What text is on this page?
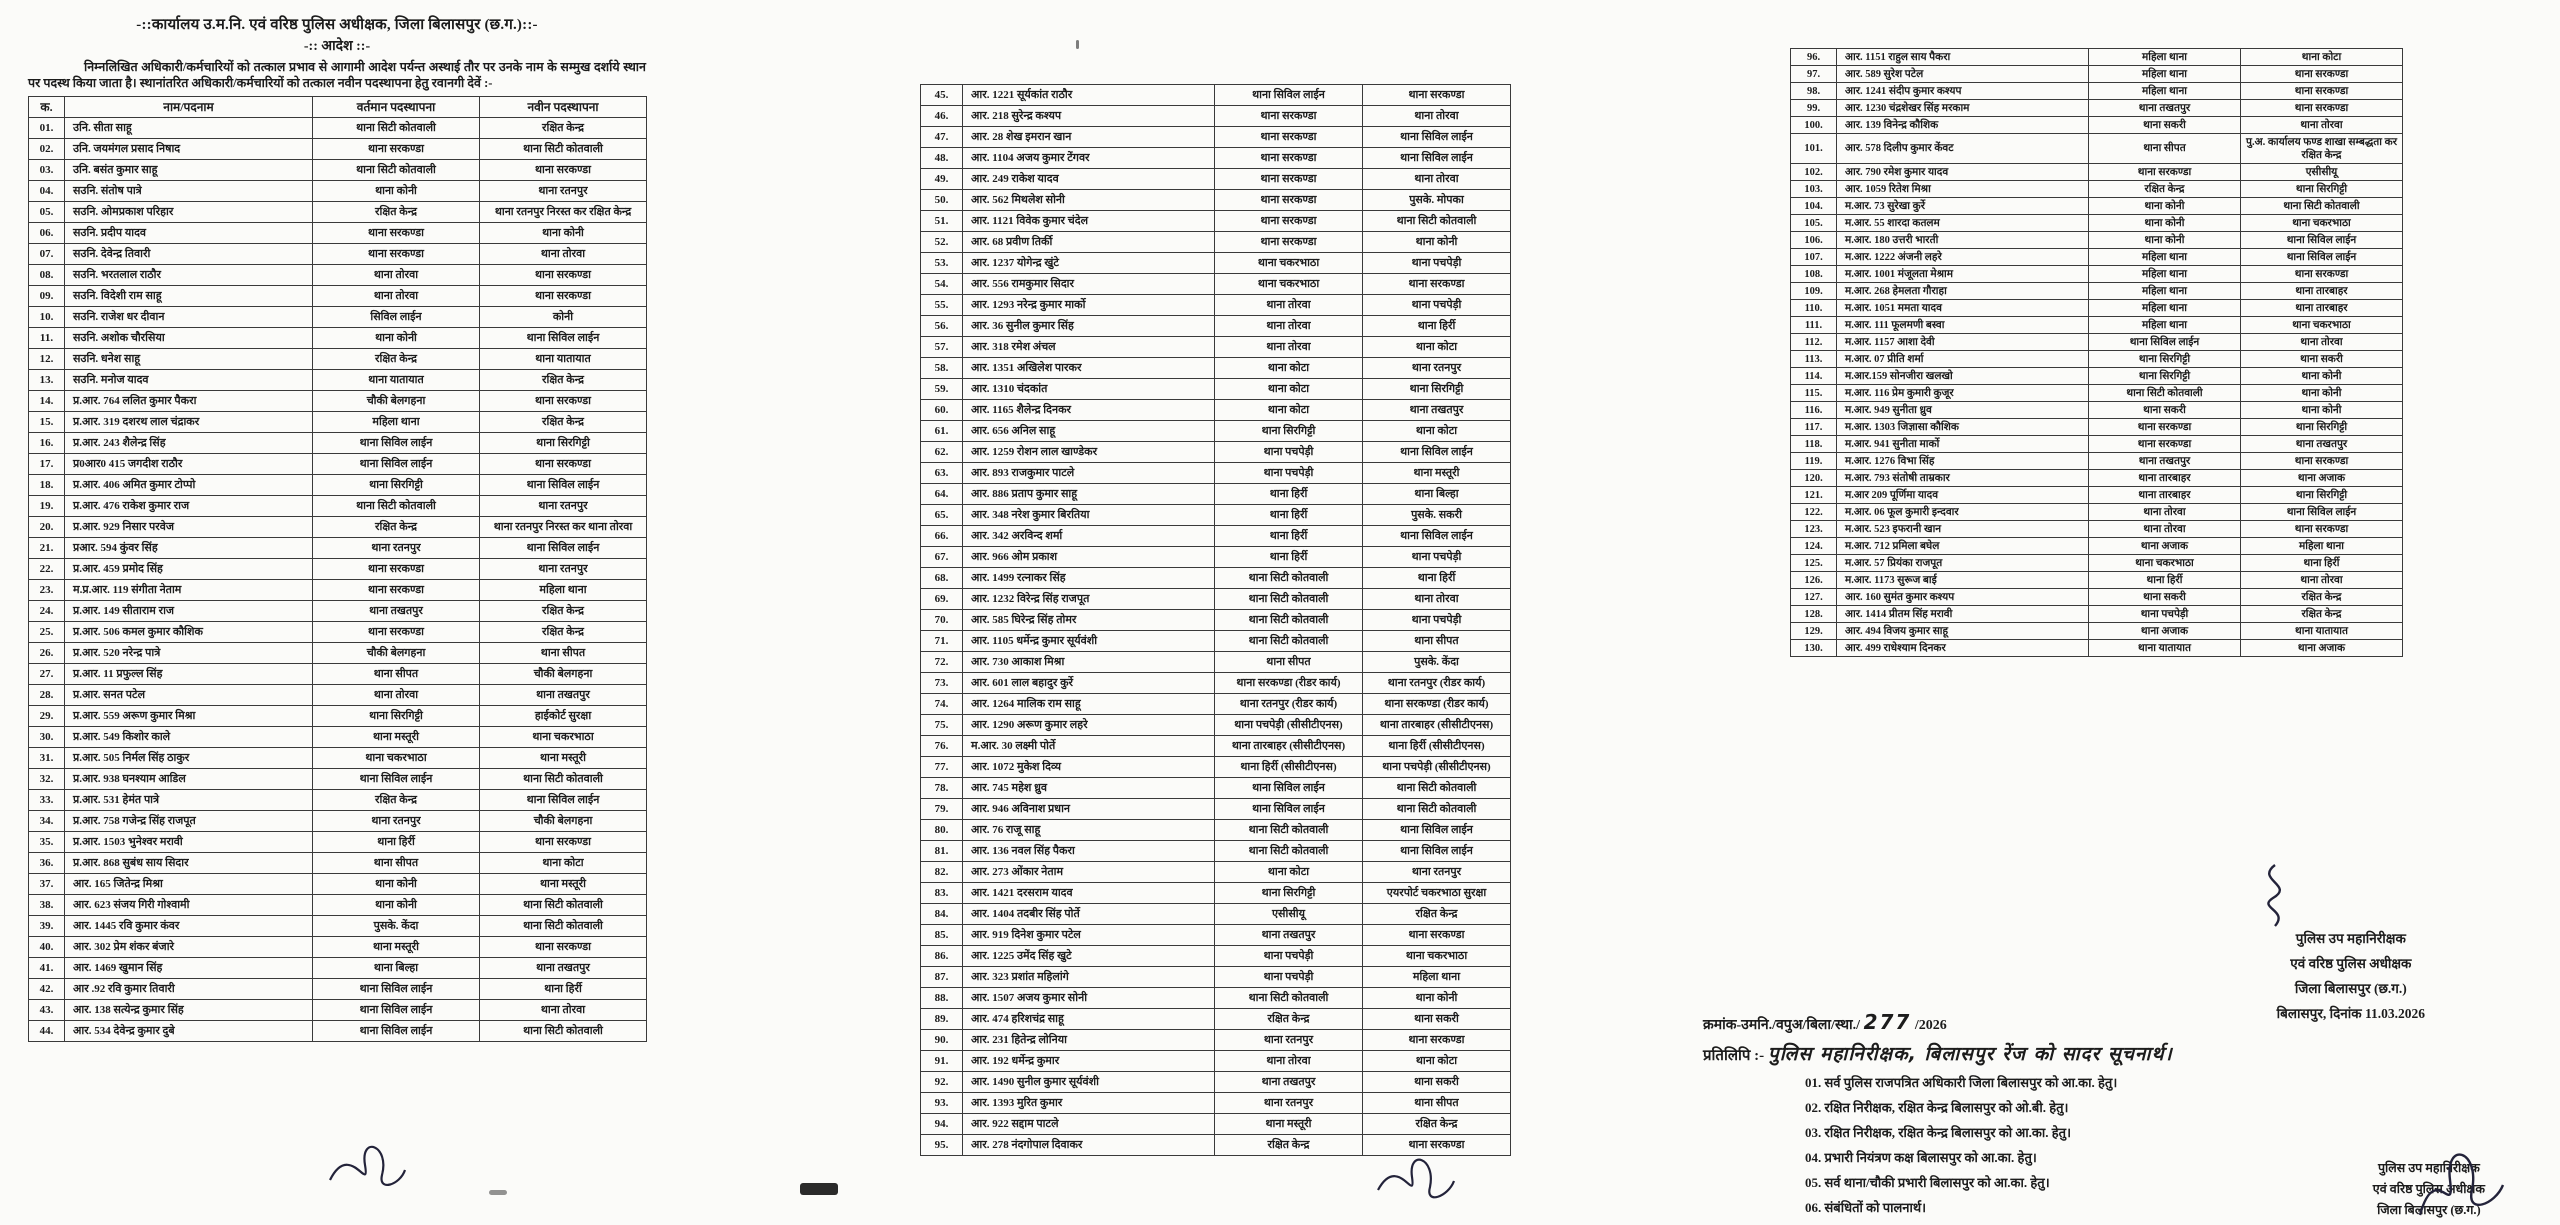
-::कार्यालय उ.म.नि. एवं वरिष्ठ पुलिस अधीक्षक, जिला बिलासपुर (छ.ग.)::-
-:: आदेश ::-
निम्नलिखित अधिकारी/कर्मचारियों को तत्काल प्रभाव से आगामी आदेश पर्यन्त अस्थाई तौर पर उनके नाम के सम्मुख दर्शाये स्थान पर पदस्थ किया जाता है। स्थानांतरित अधिकारी/कर्मचारियों को तत्काल नवीन पदस्थापना हेतु रवानगी देवें :-
क.	नाम/पदनाम	वर्तमान पदस्थापना	नवीन पदस्थापना
01.	उनि. सीता साहू	थाना सिटी कोतवाली	रक्षित केन्द्र
02.	उनि. जयमंगल प्रसाद निषाद	थाना सरकण्डा	थाना सिटी कोतवाली
03.	उनि. बसंत कुमार साहू	थाना सिटी कोतवाली	थाना सरकण्डा
04.	सउनि. संतोष पात्रे	थाना कोनी	थाना रतनपुर
05.	सउनि. ओमप्रकाश परिहार	रक्षित केन्द्र	थाना रतनपुर निरस्त कर रक्षित केन्द्र
06.	सउनि. प्रदीप यादव	थाना सरकण्डा	थाना कोनी
07.	सउनि. देवेन्द्र तिवारी	थाना सरकण्डा	थाना तोरवा
08.	सउनि. भरतलाल राठौर	थाना तोरवा	थाना सरकण्डा
09.	सउनि. विदेशी राम साहू	थाना तोरवा	थाना सरकण्डा
10.	सउनि. राजेश धर दीवान	सिविल लाईन	कोनी
11.	सउनि. अशोक चौरसिया	थाना कोनी	थाना सिविल लाईन
12.	सउनि. धनेश साहू	रक्षित केन्द्र	थाना यातायात
13.	सउनि. मनोज यादव	थाना यातायात	रक्षित केन्द्र
14.	प्र.आर. 764 ललित कुमार पैकरा	चौकी बेलगहना	थाना सरकण्डा
15.	प्र.आर. 319 दशरथ लाल चंद्राकर	महिला थाना	रक्षित केन्द्र
16.	प्र.आर. 243 शैलेन्द्र सिंह	थाना सिविल लाईन	थाना सिरगिट्टी
17.	प्र0आर0 415 जगदीश राठौर	थाना सिविल लाईन	थाना सरकण्डा
18.	प्र.आर. 406 अमित कुमार टोप्पो	थाना सिरगिट्टी	थाना सिविल लाईन
19.	प्र.आर. 476 राकेश कुमार राज	थाना सिटी कोतवाली	थाना रतनपुर
20.	प्र.आर. 929 निसार परवेज	रक्षित केन्द्र	थाना रतनपुर निरस्त कर थाना तोरवा
21.	प्रआर. 594 कुंवर सिंह	थाना रतनपुर	थाना सिविल लाईन
22.	प्र.आर. 459 प्रमोद सिंह	थाना सरकण्डा	थाना रतनपुर
23.	म.प्र.आर. 119 संगीता नेताम	थाना सरकण्डा	महिला थाना
24.	प्र.आर. 149 सीताराम राज	थाना तखतपुर	रक्षित केन्द्र
25.	प्र.आर. 506 कमल कुमार कौशिक	थाना सरकण्डा	रक्षित केन्द्र
26.	प्र.आर. 520 नरेन्द्र पात्रे	चौकी बेलगहना	थाना सीपत
27.	प्र.आर. 11 प्रफुल्ल सिंह	थाना सीपत	चौकी बेलगहना
28.	प्र.आर. सनत पटेल	थाना तोरवा	थाना तखतपुर
29.	प्र.आर. 559 अरूण कुमार मिश्रा	थाना सिरगिट्टी	हाईकोर्ट सुरक्षा
30.	प्र.आर. 549 किशोर काले	थाना मस्तूरी	थाना चकरभाठा
31.	प्र.आर. 505 निर्मल सिंह ठाकुर	थाना चकरभाठा	थाना मस्तूरी
32.	प्र.आर. 938 घनश्याम आडिल	थाना सिविल लाईन	थाना सिटी कोतवाली
33.	प्र.आर. 531 हेमंत पात्रे	रक्षित केन्द्र	थाना सिविल लाईन
34.	प्र.आर. 758 गजेन्द्र सिंह राजपूत	थाना रतनपुर	चौकी बेलगहना
35.	प्र.आर. 1503 भुनेश्वर मरावी	थाना हिर्री	थाना सरकण्डा
36.	प्र.आर. 868 सुबंध साय सिदार	थाना सीपत	थाना कोटा
37.	आर. 165 जितेन्द्र मिश्रा	थाना कोनी	थाना मस्तूरी
38.	आर. 623 संजय गिरी गोश्वामी	थाना कोनी	थाना सिटी कोतवाली
39.	आर. 1445 रवि कुमार कंवर	पुसके. केंदा	थाना सिटी कोतवाली
40.	आर. 302 प्रेम शंकर बंजारे	थाना मस्तूरी	थाना सरकण्डा
41.	आर. 1469 खुमान सिंह	थाना बिल्हा	थाना तखतपुर
42.	आर .92 रवि कुमार तिवारी	थाना सिविल लाईन	थाना हिर्री
43.	आर. 138 सत्येन्द्र कुमार सिंह	थाना सिविल लाईन	थाना तोरवा
44.	आर. 534 देवेन्द्र कुमार दुबे	थाना सिविल लाईन	थाना सिटी कोतवाली
45.	आर. 1221 सूर्यकांत राठौर	थाना सिविल लाईन	थाना सरकण्डा
46.	आर. 218 सुरेन्द्र कश्यप	थाना सरकण्डा	थाना तोरवा
47.	आर. 28 शेख इमरान खान	थाना सरकण्डा	थाना सिविल लाईन
48.	आर. 1104 अजय कुमार टेंगवर	थाना सरकण्डा	थाना सिविल लाईन
49.	आर. 249 राकेश यादव	थाना सरकण्डा	थाना तोरवा
50.	आर. 562 मिथलेश सोनी	थाना सरकण्डा	पुसके. मोपका
51.	आर. 1121 विवेक कुमार चंदेल	थाना सरकण्डा	थाना सिटी कोतवाली
52.	आर. 68 प्रवीण तिर्की	थाना सरकण्डा	थाना कोनी
53.	आर. 1237 योगेन्द्र खुंटे	थाना चकरभाठा	थाना पचपेड़ी
54.	आर. 556 रामकुमार सिदार	थाना चकरभाठा	थाना सरकण्डा
55.	आर. 1293 नरेन्द्र कुमार मार्को	थाना तोरवा	थाना पचपेड़ी
56.	आर. 36 सुनील कुमार सिंह	थाना तोरवा	थाना हिर्री
57.	आर. 318 रमेश अंचल	थाना तोरवा	थाना कोटा
58.	आर. 1351 अखिलेश पारकर	थाना कोटा	थाना रतनपुर
59.	आर. 1310 चंदकांत	थाना कोटा	थाना सिरगिट्टी
60.	आर. 1165 शैलेन्द्र दिनकर	थाना कोटा	थाना तखतपुर
61.	आर. 656 अनिल साहू	थाना सिरगिट्टी	थाना कोटा
62.	आर. 1259 रोशन लाल खाण्डेकर	थाना पचपेड़ी	थाना सिविल लाईन
63.	आर. 893 राजकुमार पाटले	थाना पचपेड़ी	थाना मस्तूरी
64.	आर. 886 प्रताप कुमार साहू	थाना हिर्री	थाना बिल्हा
65.	आर. 348 नरेश कुमार बिरतिया	थाना हिर्री	पुसके. सकरी
66.	आर. 342 अरविन्द शर्मा	थाना हिर्री	थाना सिविल लाईन
67.	आर. 966 ओम प्रकाश	थाना हिर्री	थाना पचपेड़ी
68.	आर. 1499 रत्नाकर सिंह	थाना सिटी कोतवाली	थाना हिर्री
69.	आर. 1232 विरेन्द्र सिंह राजपूत	थाना सिटी कोतवाली	थाना तोरवा
70.	आर. 585 घिरेन्द्र सिंह तोमर	थाना सिटी कोतवाली	थाना पचपेड़ी
71.	आर. 1105 धर्मेन्द्र कुमार सूर्यवंशी	थाना सिटी कोतवाली	थाना सीपत
72.	आर. 730 आकाश मिश्रा	थाना सीपत	पुसके. केंदा
73.	आर. 601 लाल बहादुर कुर्रे	थाना सरकण्डा (रीडर कार्य)	थाना रतनपुर (रीडर कार्य)
74.	आर. 1264 मालिक राम साहू	थाना रतनपुर (रीडर कार्य)	थाना सरकण्डा (रीडर कार्य)
75.	आर. 1290 अरूण कुमार लहरे	थाना पचपेड़ी (सीसीटीएनस)	थाना तारबाहर (सीसीटीएनस)
76.	म.आर. 30 लक्ष्मी पोर्ते	थाना तारबाहर (सीसीटीएनस)	थाना हिर्री (सीसीटीएनस)
77.	आर. 1072 मुकेश दिव्य	थाना हिर्री (सीसीटीएनस)	थाना पचपेड़ी (सीसीटीएनस)
78.	आर. 745 महेश ध्रुव	थाना सिविल लाईन	थाना सिटी कोतवाली
79.	आर. 946 अविनाश प्रधान	थाना सिविल लाईन	थाना सिटी कोतवाली
80.	आर. 76 राजू साहू	थाना सिटी कोतवाली	थाना सिविल लाईन
81.	आर. 136 नवल सिंह पैकरा	थाना सिटी कोतवाली	थाना सिविल लाईन
82.	आर. 273 ओंकार नेताम	थाना कोटा	थाना रतनपुर
83.	आर. 1421 दरसराम यादव	थाना सिरगिट्टी	एयरपोर्ट चकरभाठा सुरक्षा
84.	आर. 1404 तदबीर सिंह पोर्ते	एसीसीयू	रक्षित केन्द्र
85.	आर. 919 दिनेश कुमार पटेल	थाना तखतपुर	थाना सरकण्डा
86.	आर. 1225 उमेंद सिंह खुटे	थाना पचपेड़ी	थाना चकरभाठा
87.	आर. 323 प्रशांत महिलांगे	थाना पचपेड़ी	महिला थाना
88.	आर. 1507 अजय कुमार सोनी	थाना सिटी कोतवाली	थाना कोनी
89.	आर. 474 हरिशचंद्र साहू	रक्षित केन्द्र	थाना सकरी
90.	आर. 231 हितेन्द्र लोनिया	थाना रतनपुर	थाना सरकण्डा
91.	आर. 192 धर्मेन्द्र कुमार	थाना तोरवा	थाना कोटा
92.	आर. 1490 सुनील कुमार सूर्यवंशी	थाना तखतपुर	थाना सकरी
93.	आर. 1393 मुरित कुमार	थाना रतनपुर	थाना सीपत
94.	आर. 922 सद्दाम पाटले	थाना मस्तूरी	रक्षित केन्द्र
95.	आर. 278 नंदगोपाल दिवाकर	रक्षित केन्द्र	थाना सरकण्डा
96.	आर. 1151 राहुल साय पैकरा	महिला थाना	थाना कोटा
97.	आर. 589 सुरेश पटेल	महिला थाना	थाना सरकण्डा
98.	आर. 1241 संदीप कुमार कश्यप	महिला थाना	थाना सरकण्डा
99.	आर. 1230 चंद्रशेखर सिंह मरकाम	थाना तखतपुर	थाना सरकण्डा
100.	आर. 139 विनेन्द्र कौशिक	थाना सकरी	थाना तोरवा
101.	आर. 578 दिलीप कुमार केंवट	थाना सीपत	पु.अ. कार्यालय फण्ड शाखा सम्बद्धता कर रक्षित केन्द्र
102.	आर. 790 रमेश कुमार यादव	थाना सरकण्डा	एसीसीयू
103.	आर. 1059 रितेश मिश्रा	रक्षित केन्द्र	थाना सिरगिट्टी
104.	म.आर. 73 सुरेखा कुर्रे	थाना कोनी	थाना सिटी कोतवाली
105.	म.आर. 55 शारदा कतलम	थाना कोनी	थाना चकरभाठा
106.	म.आर. 180 उत्तरी भारती	थाना कोनी	थाना सिविल लाईन
107.	म.आर. 1222 अंजनी लहरे	महिला थाना	थाना सिविल लाईन
108.	म.आर. 1001 मंजूलता मेश्राम	महिला थाना	थाना सरकण्डा
109.	म.आर. 268 हेमलता गौराहा	महिला थाना	थाना तारबाहर
110.	म.आर. 1051 ममता यादव	महिला थाना	थाना तारबाहर
111.	म.आर. 111 फूलमणी बस्वा	महिला थाना	थाना चकरभाठा
112.	म.आर. 1157 आशा देवी	थाना सिविल लाईन	थाना तोरवा
113.	म.आर. 07 प्रीति शर्मा	थाना सिरगिट्टी	थाना सकरी
114.	म.आर.159 सोनजीरा खलखो	थाना सिरगिट्टी	थाना कोनी
115.	म.आर. 116 प्रेम कुमारी कुजूर	थाना सिटी कोतवाली	थाना कोनी
116.	म.आर. 949 सुनीता ध्रुव	थाना सकरी	थाना कोनी
117.	म.आर. 1303 जिज्ञासा कौशिक	थाना सरकण्डा	थाना सिरगिट्टी
118.	म.आर. 941 सुनीता मार्को	थाना सरकण्डा	थाना तखतपुर
119.	म.आर. 1276 विभा सिंह	थाना तखतपुर	थाना सरकण्डा
120.	म.आर. 793 संतोषी ताम्रकार	थाना तारबाहर	थाना अजाक
121.	म.आर 209 पूर्णिमा यादव	थाना तारबाहर	थाना सिरगिट्टी
122.	म.आर. 06 फूल कुमारी इन्दवार	थाना तोरवा	थाना सिविल लाईन
123.	म.आर. 523 इफरानी खान	थाना तोरवा	थाना सरकण्डा
124.	म.आर. 712 प्रमिला बघेल	थाना अजाक	महिला थाना
125.	म.आर. 57 प्रियंका राजपूत	थाना चकरभाठा	थाना हिर्री
126.	म.आर. 1173 सुरूज बाई	थाना हिर्री	थाना तोरवा
127.	आर. 160 सुमंत कुमार कश्यप	थाना सकरी	रक्षित केन्द्र
128.	आर. 1414 प्रीतम सिंह मरावी	थाना पचपेड़ी	रक्षित केन्द्र
129.	आर. 494 विजय कुमार साहू	थाना अजाक	थाना यातायात
130.	आर. 499 राधेश्याम दिनकर	थाना यातायात	थाना अजाक
पुलिस उप महानिरीक्षक
एवं वरिष्ठ पुलिस अधीक्षक
जिला बिलासपुर (छ.ग.)
बिलासपुर, दिनांक 11.03.2026
क्रमांक-उमनि./वपुअ/बिला/स्था./ 277 /2026
प्रतिलिपि :- पुलिस महानिरीक्षक, बिलासपुर रेंज को सादर सूचनार्थ।
01. सर्व पुलिस राजपत्रित अधिकारी जिला बिलासपुर को आ.का. हेतु।
02. रक्षित निरीक्षक, रक्षित केन्द्र बिलासपुर को ओ.बी. हेतु।
03. रक्षित निरीक्षक, रक्षित केन्द्र बिलासपुर को आ.का. हेतु।
04. प्रभारी नियंत्रण कक्ष बिलासपुर को आ.का. हेतु।
05. सर्व थाना/चौकी प्रभारी बिलासपुर को आ.का. हेतु।
06. संबंधितों को पालनार्थ।
पुलिस उप महानिरीक्षक
एवं वरिष्ठ पुलिस अधीक्षक
जिला बिलासपुर (छ.ग.)
